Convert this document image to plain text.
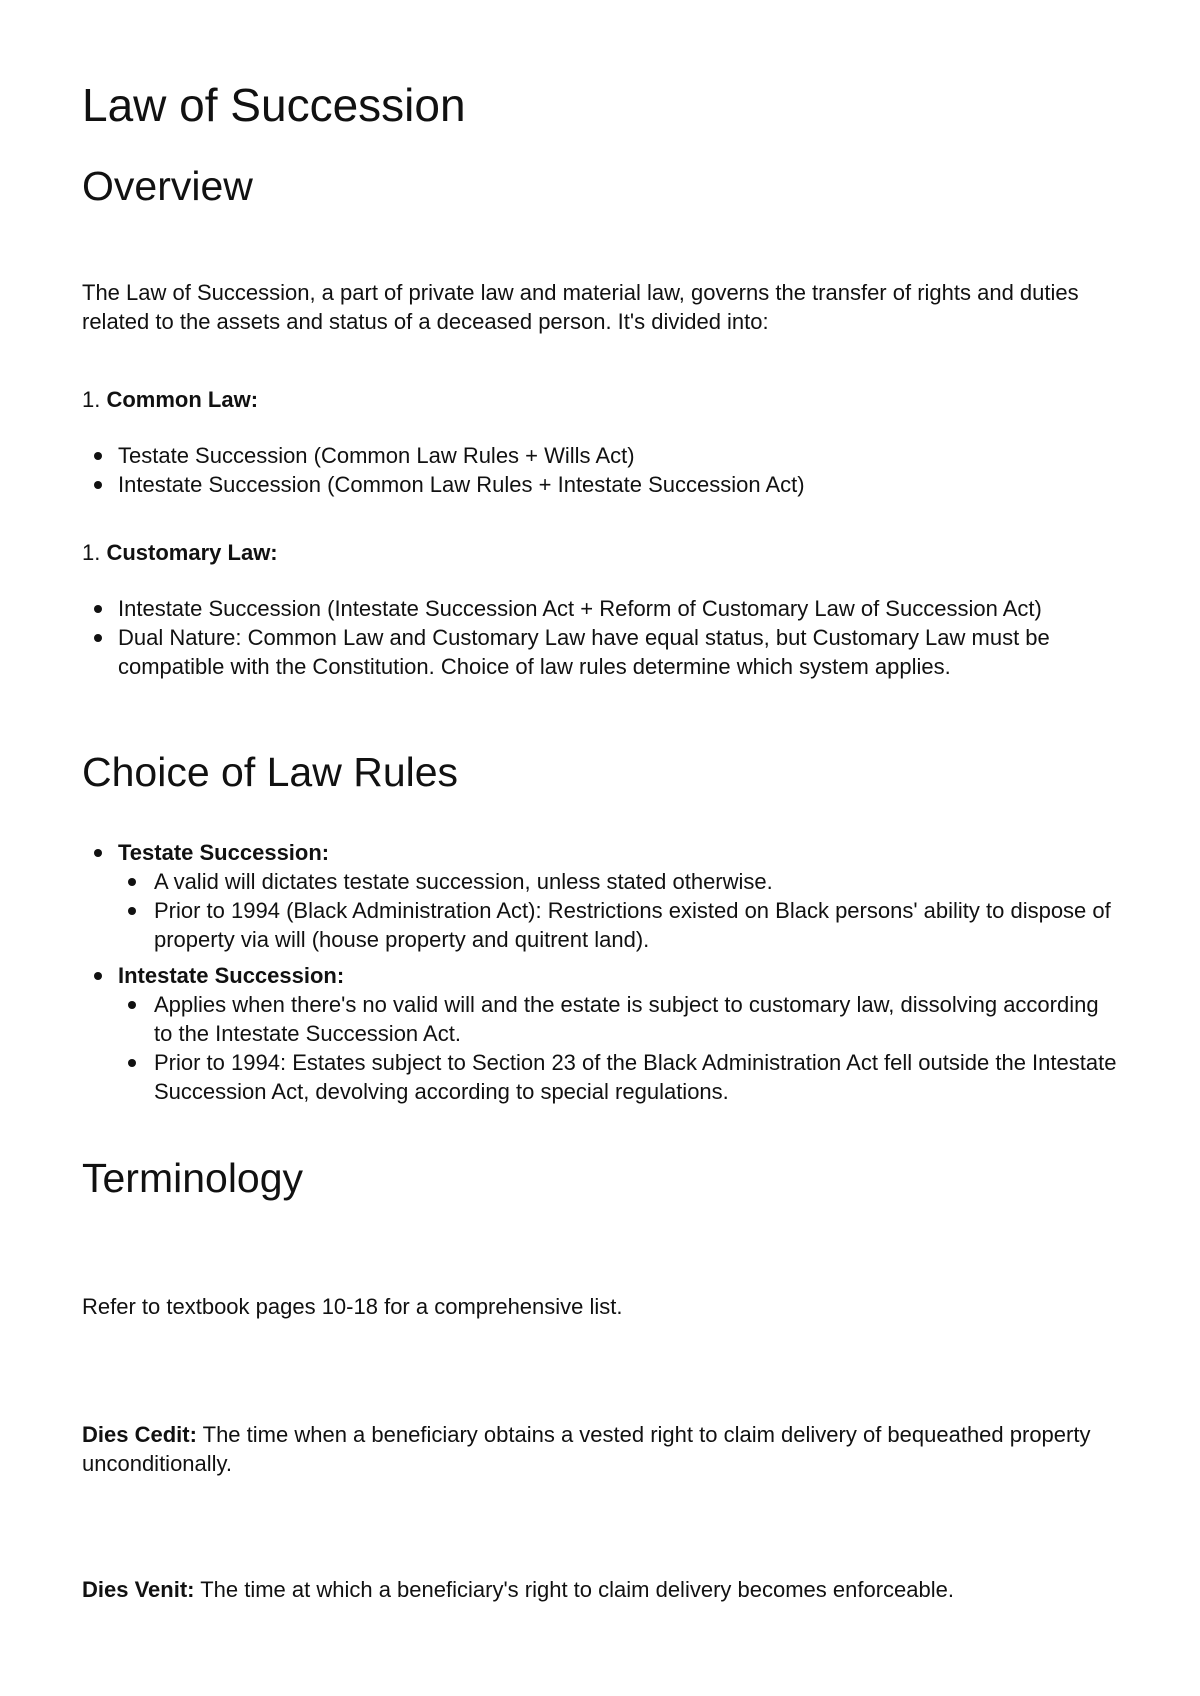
Law of Succession
Overview

The Law of Succession, a part of private law and material law, governs the transfer of rights and duties related to the assets and status of a deceased person. It's divided into:

1. Common Law:

Testate Succession (Common Law Rules + Wills Act)
Intestate Succession (Common Law Rules + Intestate Succession Act)

1. Customary Law:

Intestate Succession (Intestate Succession Act + Reform of Customary Law of Succession Act)
Dual Nature: Common Law and Customary Law have equal status, but Customary Law must be compatible with the Constitution. Choice of law rules determine which system applies.
Choice of Law Rules
Testate Succession:
A valid will dictates testate succession, unless stated otherwise.
Prior to 1994 (Black Administration Act): Restrictions existed on Black persons' ability to dispose of property via will (house property and quitrent land).
Intestate Succession:
Applies when there's no valid will and the estate is subject to customary law, dissolving according to the Intestate Succession Act.
Prior to 1994: Estates subject to Section 23 of the Black Administration Act fell outside the Intestate Succession Act, devolving according to special regulations.
Terminology

Refer to textbook pages 10-18 for a comprehensive list.

Dies Cedit: The time when a beneficiary obtains a vested right to claim delivery of bequeathed property unconditionally.

Dies Venit: The time at which a beneficiary's right to claim delivery becomes enforceable.
